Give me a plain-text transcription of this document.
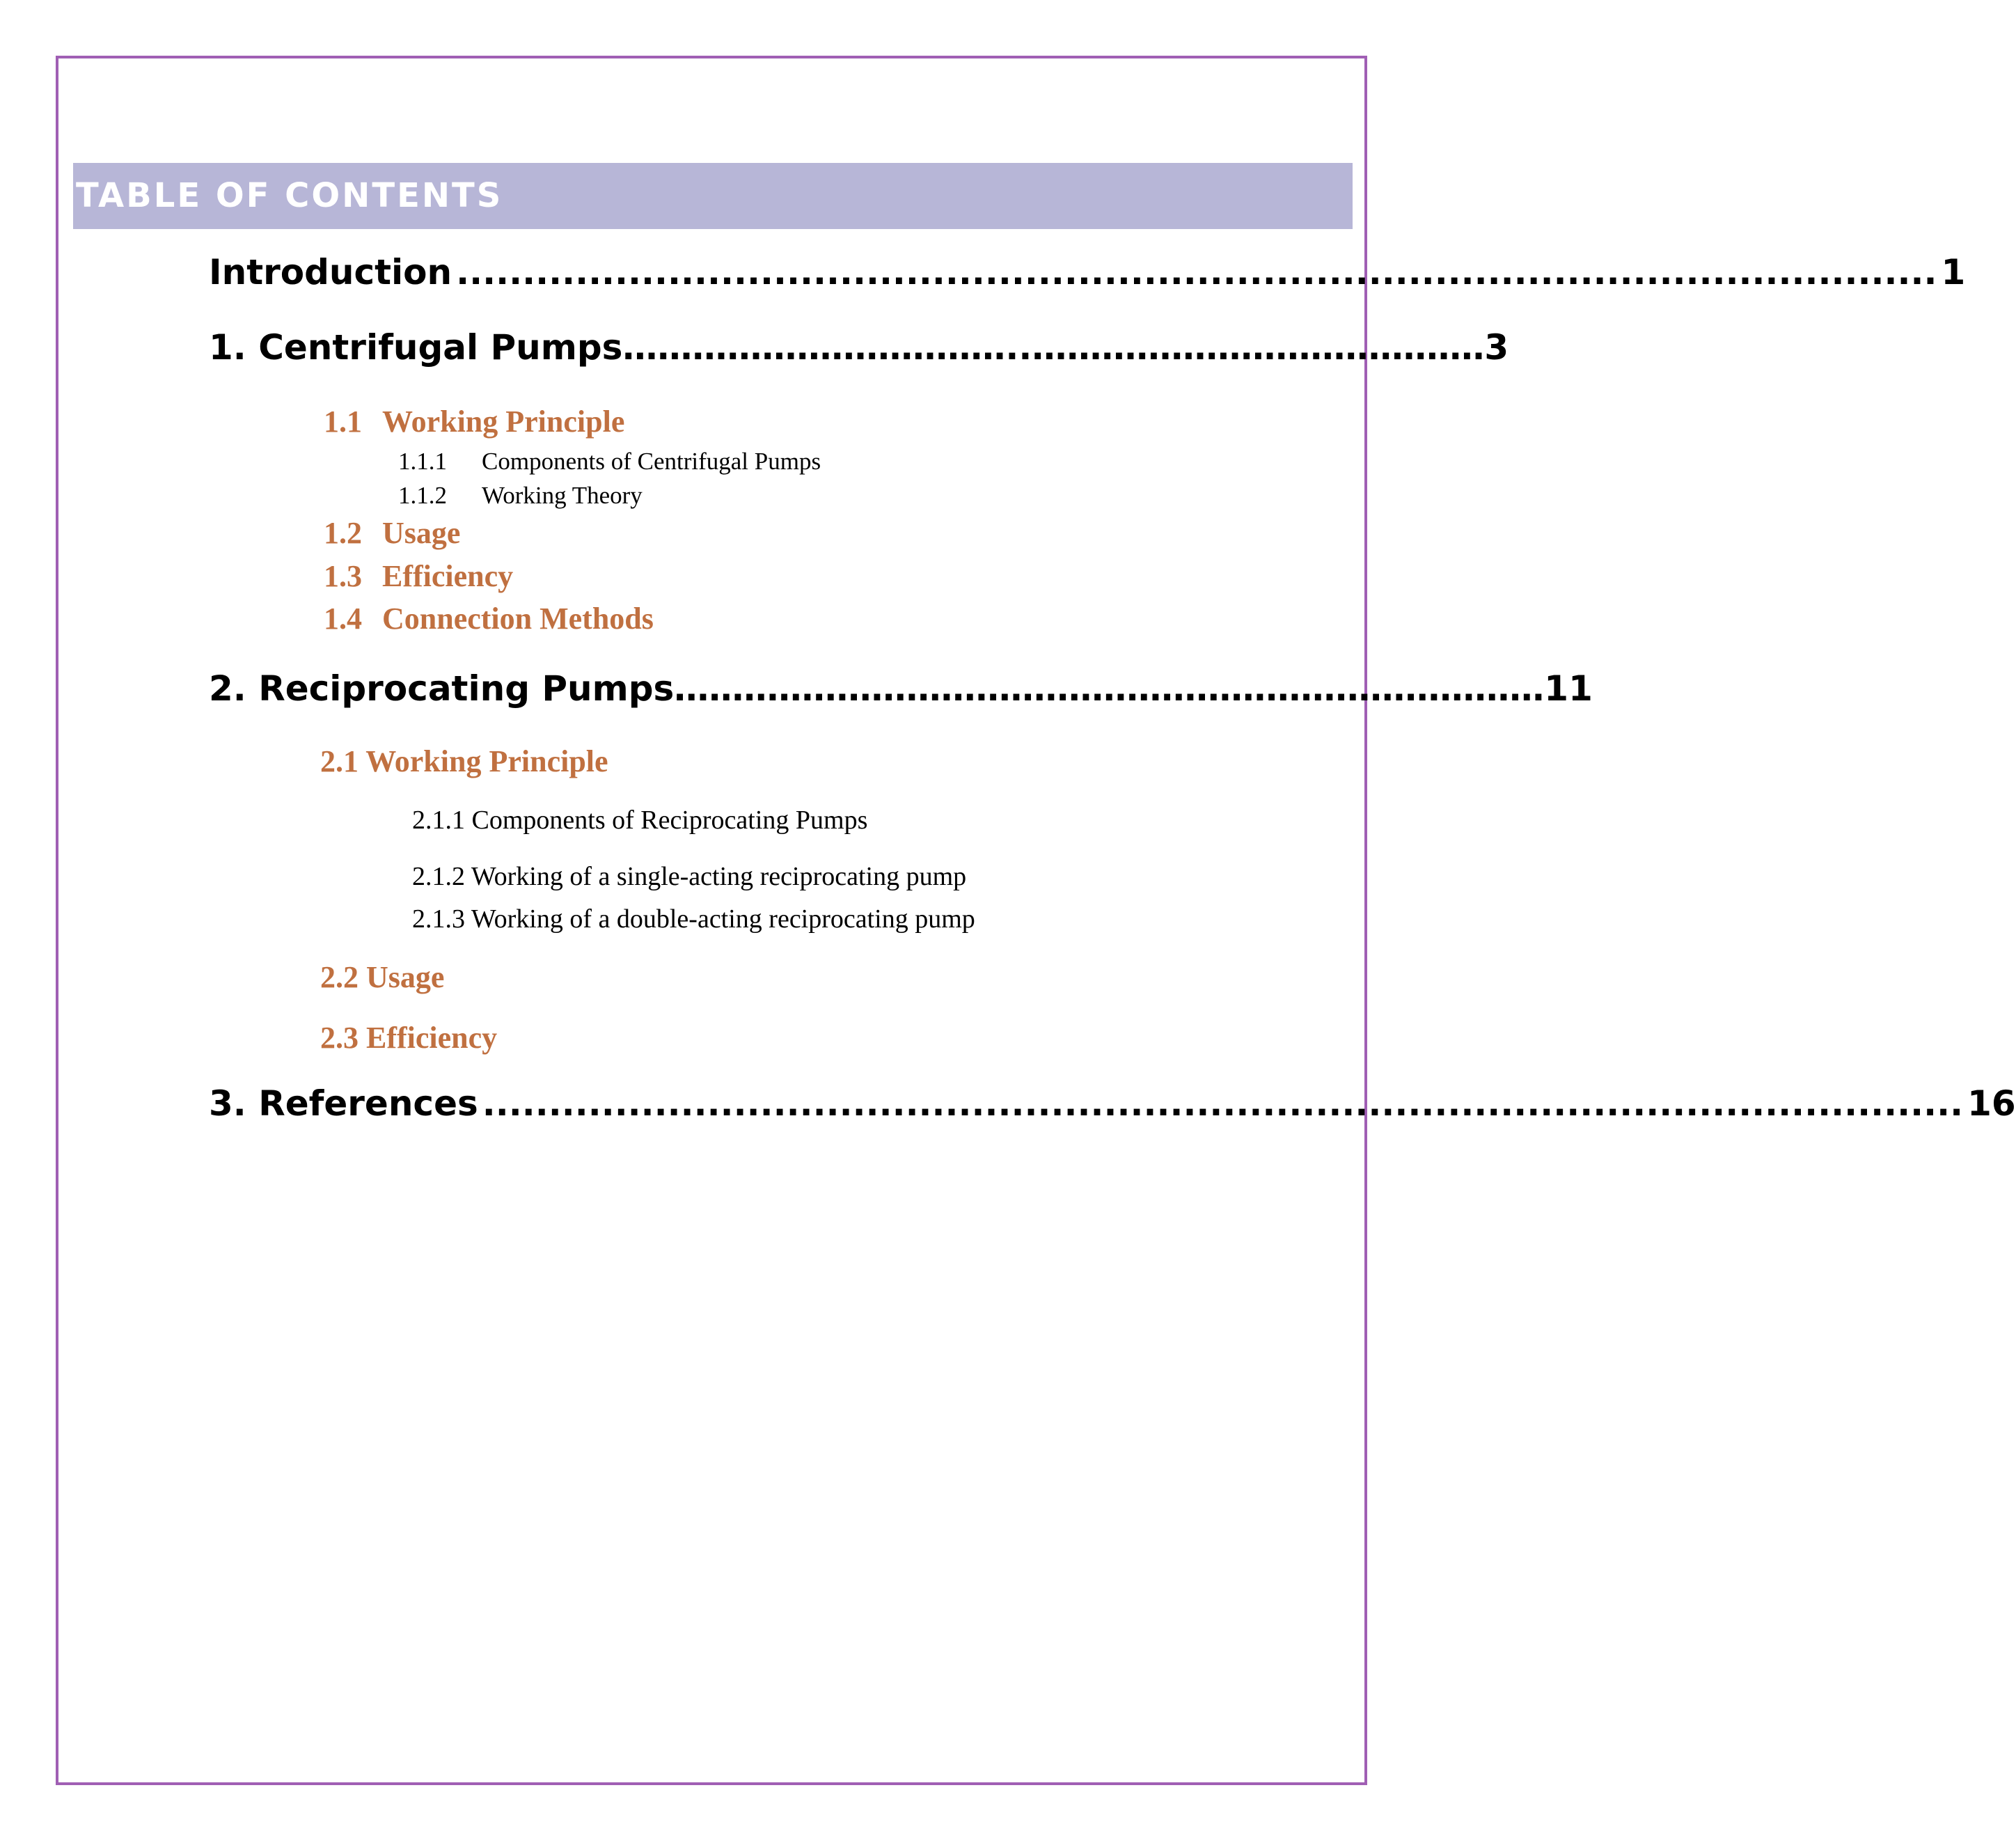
TABLE OF CONTENTS
Introduction ................................................................................................................ 1
1. Centrifugal Pumps ……………………………..………………………………… 3
1.1 Working Principle
1.1.1 Components of Centrifugal Pumps
1.1.2 Working Theory
1.2 Usage
1.3 Efficiency
1.4 Connection Methods
2. Reciprocating Pumps ………………………………………………………………… 11
2.1 Working Principle
2.1.1 Components of Reciprocating Pumps
2.1.2 Working of a single-acting reciprocating pump
2.1.3 Working of a double-acting reciprocating pump
2.2 Usage
2.3 Efficiency
3. References ................................................................................................................ 16
